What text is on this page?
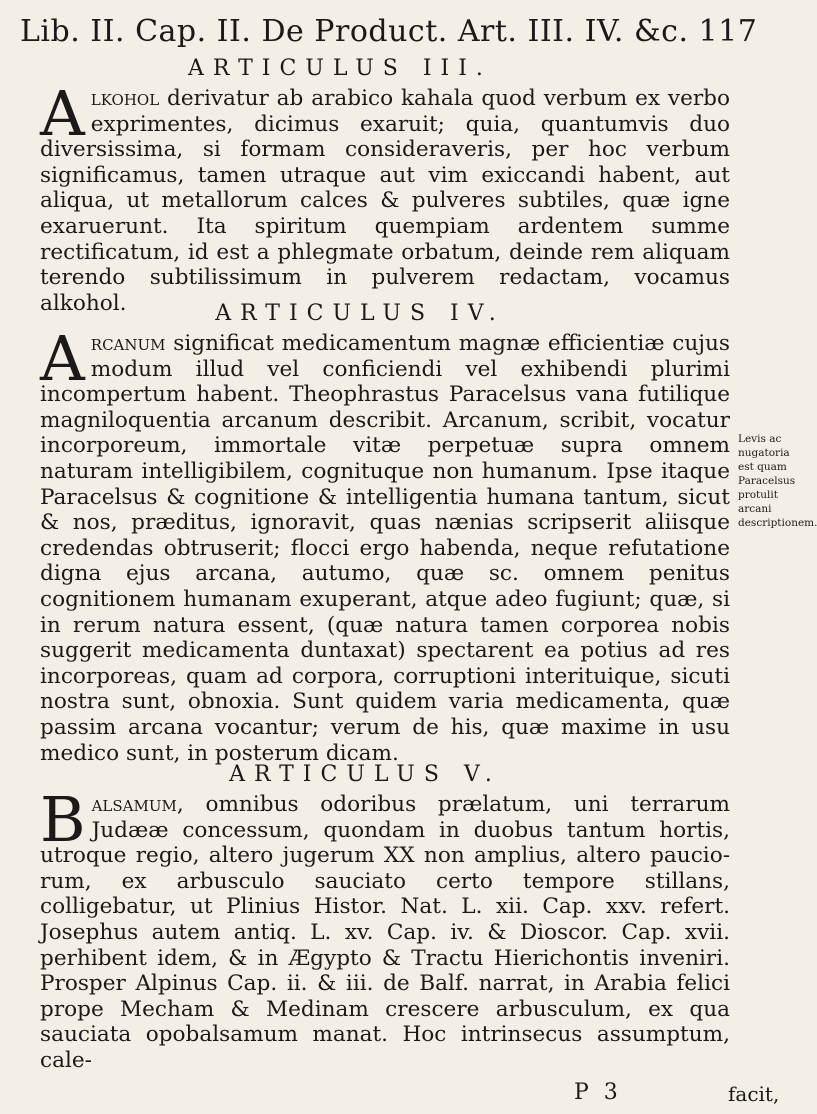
Lib. II. Cap. II. De Product. Art. III. IV. &c. 117
ARTICULUS III.

A lkohol derivatur ab arabico kahala quod verbum ex verbo exprimentes, dicimus exaruit; quia, quantumvis duo diversissima, si formam consideraveris, per hoc verbum significamus, tamen utraque aut vim exiccandi habent, aut aliqua, ut metallorum calces & pulveres subtiles, quæ igne exaruerunt. Ita spiritum quempiam ardentem summe rectificatum, id est a phlegmate orbatum, deinde rem aliquam terendo subtilissimum in pulverem redactam, vocamus alkohol.	ARTICULUS IV.

A rcanum significat medicamentum magnæ efficientiæ cujus modum illud vel conficiendi vel exhibendi plurimi incompertum habent. Theophrastus Paracelsus vana futilique magniloquentia arcanum describit. Arcanum, scribit, vocatur incorporeum, immortale vitæ perpetuæ supra omnem naturam intelligibilem, cognituque non humanum. Ipse itaque Paracelsus & cognitione & intelligentia humana tantum, sicut & nos, præditus, ignoravit, quas nænias scripserit aliisque credendas obtruserit; flocci ergo habenda, neque refutatione digna ejus arcana, autumo, quæ sc. omnem penitus cognitionem humanam exuperant, atque adeo fugiunt; quæ, si in rerum natura essent, (quæ natura tamen corporea nobis suggerit medicamenta duntaxat) spectarent ea potius ad res incorporeas, quam ad corpora, corruptioni interituique, sicuti nostra sunt, obnoxia. Sunt quidem varia medicamenta, quæ passim arcana vocantur; verum de his, quæ maxime in usu medico sunt, in posterum dicam.

Levis ac nugatoria est quam Paracelsus protulit arcani descriptionem.
ARTICULUS V.

B alsamum, omnibus odoribus prælatum, uni terrarum Judææ concessum, quondam in duobus tantum hortis, utroque regio, altero jugerum XX non amplius, altero paucio- rum, ex arbusculo sauciato certo tempore stillans, colligebatur, ut Plinius Histor. Nat. L. xii. Cap. xxv. refert. Josephus autem antiq. L. xv. Cap. iv. & Dioscor. Cap. xvii. perhibent idem, & in Ægypto & Tractu Hierichontis inveniri. Prosper Alpinus Cap. ii. & iii. de Balf. narrat, in Arabia felici prope Mecham & Medinam crescere arbusculum, ex qua sauciata opobalsamum manat. Hoc intrinsecus assumptum, cale-

P 3	facit,
